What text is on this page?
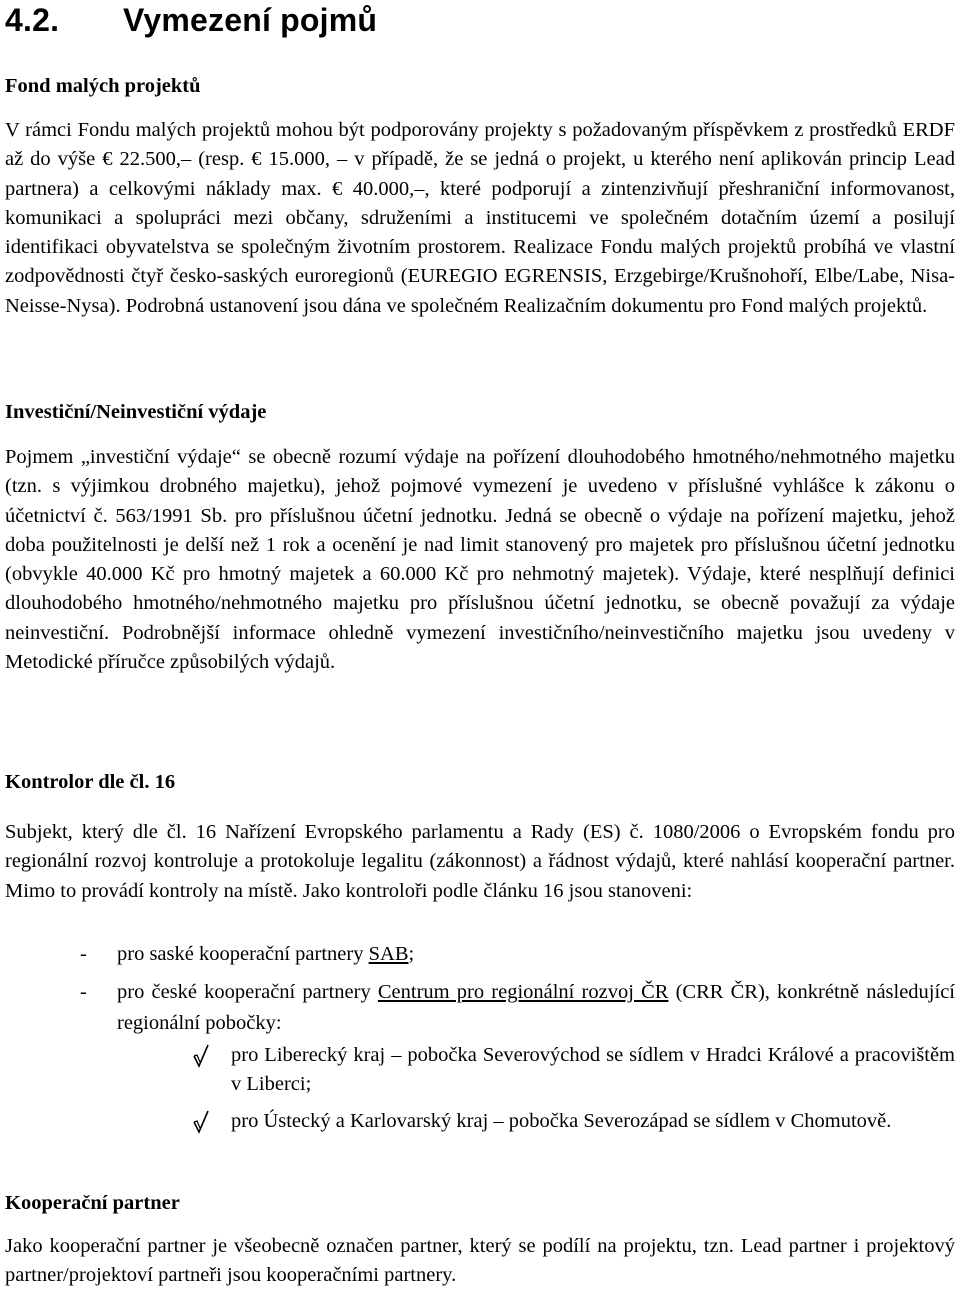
4.2. Vymezení pojmů
Fond malých projektů

V rámci Fondu malých projektů mohou být podporovány projekty s požadovaným příspěvkem z prostředků ERDF až do výše € 22.500,– (resp. € 15.000, – v případě, že se jedná o projekt, u kterého není aplikován princip Lead partnera) a celkovými náklady max. € 40.000,–, které podporují a zintenzivňují přeshraniční informovanost, komunikaci a spolupráci mezi občany, sdruženími a institucemi ve společném dotačním území a posilují identifikaci obyvatelstva se společným životním prostorem. Realizace Fondu malých projektů probíhá ve vlastní zodpovědnosti čtyř česko-saských euroregionů (EUREGIO EGRENSIS, Erzgebirge/Krušnohoří, Elbe/Labe, Nisa-Neisse-Nysa). Podrobná ustanovení jsou dána ve společném Realizačním dokumentu pro Fond malých projektů.

Investiční/Neinvestiční výdaje

Pojmem „investiční výdaje“ se obecně rozumí výdaje na pořízení dlouhodobého hmotného/nehmotného majetku (tzn. s výjimkou drobného majetku), jehož pojmové vymezení je uvedeno v příslušné vyhlášce k zákonu o účetnictví č. 563/1991 Sb. pro příslušnou účetní jednotku. Jedná se obecně o výdaje na pořízení majetku, jehož doba použitelnosti je delší než 1 rok a ocenění je nad limit stanovený pro majetek pro příslušnou účetní jednotku (obvykle 40.000 Kč pro hmotný majetek a 60.000 Kč pro nehmotný majetek). Výdaje, které nesplňují definici dlouhodobého hmotného/nehmotného majetku pro příslušnou účetní jednotku, se obecně považují za výdaje neinvestiční. Podrobnější informace ohledně vymezení investičního/neinvestičního majetku jsou uvedeny v Metodické příručce způsobilých výdajů.

Kontrolor dle čl. 16

Subjekt, který dle čl. 16 Nařízení Evropského parlamentu a Rady (ES) č. 1080/2006 o Evropském fondu pro regionální rozvoj kontroluje a protokoluje legalitu (zákonnost) a řádnost výdajů, které nahlásí kooperační partner. Mimo to provádí kontroly na místě. Jako kontroloři podle článku 16 jsou stanoveni:

- pro saské kooperační partnery SAB;
- pro české kooperační partnery Centrum pro regionální rozvoj ČR (CRR ČR), konkrétně následující regionální pobočky:
pro Liberecký kraj – pobočka Severovýchod se sídlem v Hradci Králové a pracovištěm v Liberci;
pro Ústecký a Karlovarský kraj – pobočka Severozápad se sídlem v Chomutově.
Kooperační partner

Jako kooperační partner je všeobecně označen partner, který se podílí na projektu, tzn. Lead partner i projektový partner/projektoví partneři jsou kooperačními partnery.
